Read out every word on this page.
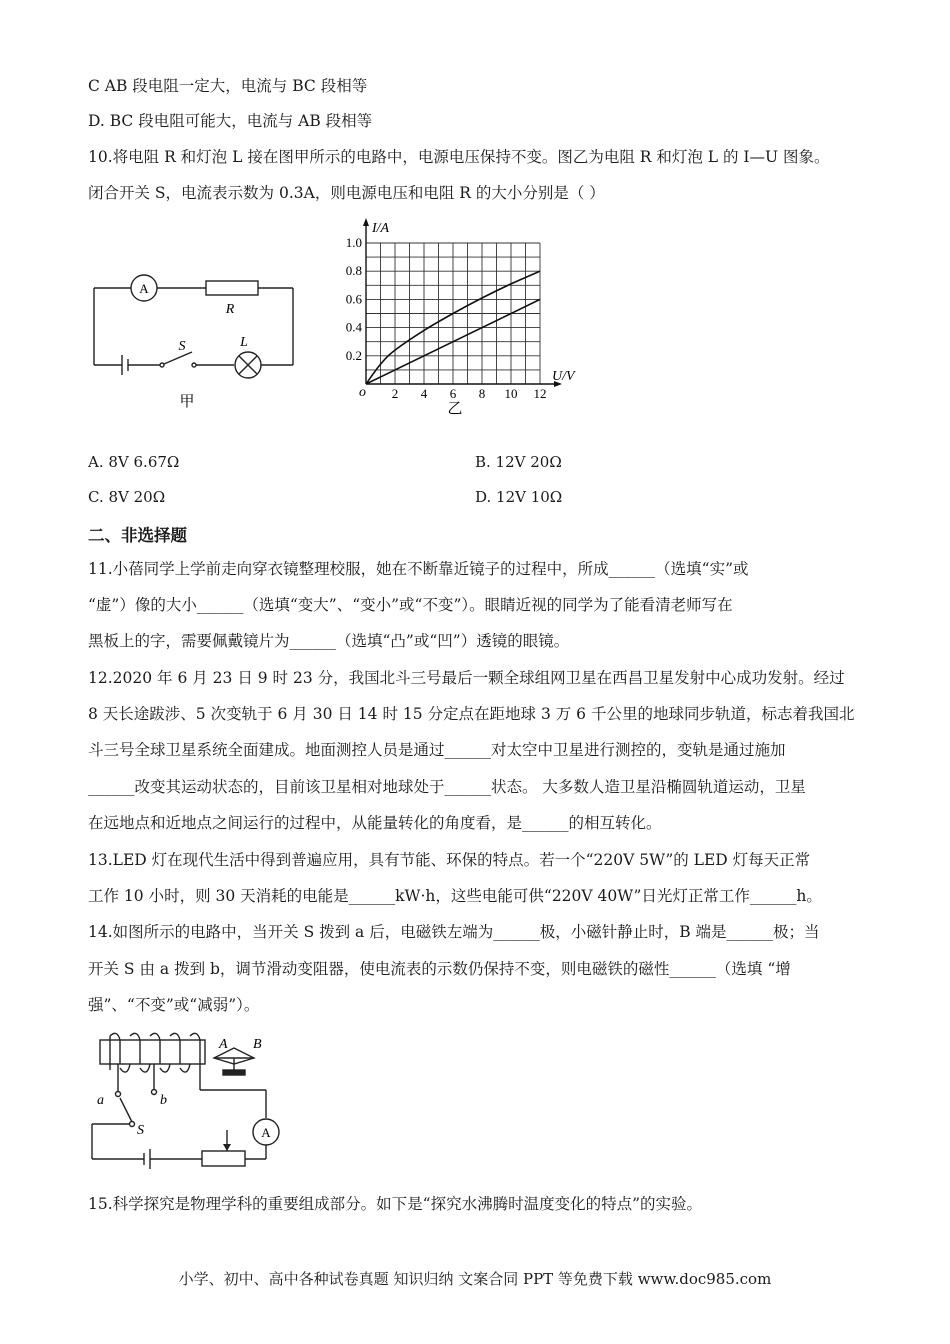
C AB 段电阻一定大，电流与 BC 段相等
D. BC 段电阻可能大，电流与 AB 段相等
10.将电阻 R 和灯泡 L 接在图甲所示的电路中，电源电压保持不变。图乙为电阻 R 和灯泡 L 的 I—U 图象。
闭合开关 S，电流表示数为 0.3A，则电源电压和电阻 R 的大小分别是（ ）
A
R
S	L
甲
2 4 6 8 10 12
0.2
0.4
0.6
0.8
1.0
I/A
U/V
o
乙
A. 8V 6.67Ω	B. 12V 20Ω
C. 8V 20Ω	D. 12V 10Ω
二、非选择题
11.小蓓同学上学前走向穿衣镜整理校服，她在不断靠近镜子的过程中，所成______（选填“实”或
“虚”）像的大小______（选填“变大”、“变小”或“不变”）。眼睛近视的同学为了能看清老师写在
黑板上的字，需要佩戴镜片为______（选填“凸”或“凹”）透镜的眼镜。
12.2020 年 6 月 23 日 9 时 23 分，我国北斗三号最后一颗全球组网卫星在西昌卫星发射中心成功发射。经过
8 天长途跋涉、5 次变轨于 6 月 30 日 14 时 15 分定点在距地球 3 万 6 千公里的地球同步轨道，标志着我国北
斗三号全球卫星系统全面建成。地面测控人员是通过______对太空中卫星进行测控的，变轨是通过施加
______改变其运动状态的，目前该卫星相对地球处于______状态。 大多数人造卫星沿椭圆轨道运动，卫星
在远地点和近地点之间运行的过程中，从能量转化的角度看，是______的相互转化。
13.LED 灯在现代生活中得到普遍应用，具有节能、环保的特点。若一个“220V 5W”的 LED 灯每天正常
工作 10 小时，则 30 天消耗的电能是______kW·h，这些电能可供“220V 40W”日光灯正常工作______h。
14.如图所示的电路中，当开关 S 拨到 a 后，电磁铁左端为______极，小磁针静止时，B 端是______极；当
开关 S 由 a 拨到 b，调节滑动变阻器，使电流表的示数仍保持不变，则电磁铁的磁性______（选填 “增
强”、“不变”或“减弱”）。
a	b
S
A B
A
15.科学探究是物理学科的重要组成部分。如下是“探究水沸腾时温度变化的特点”的实验。
小学、初中、高中各种试卷真题 知识归纳 文案合同 PPT 等免费下载 www.doc985.com
